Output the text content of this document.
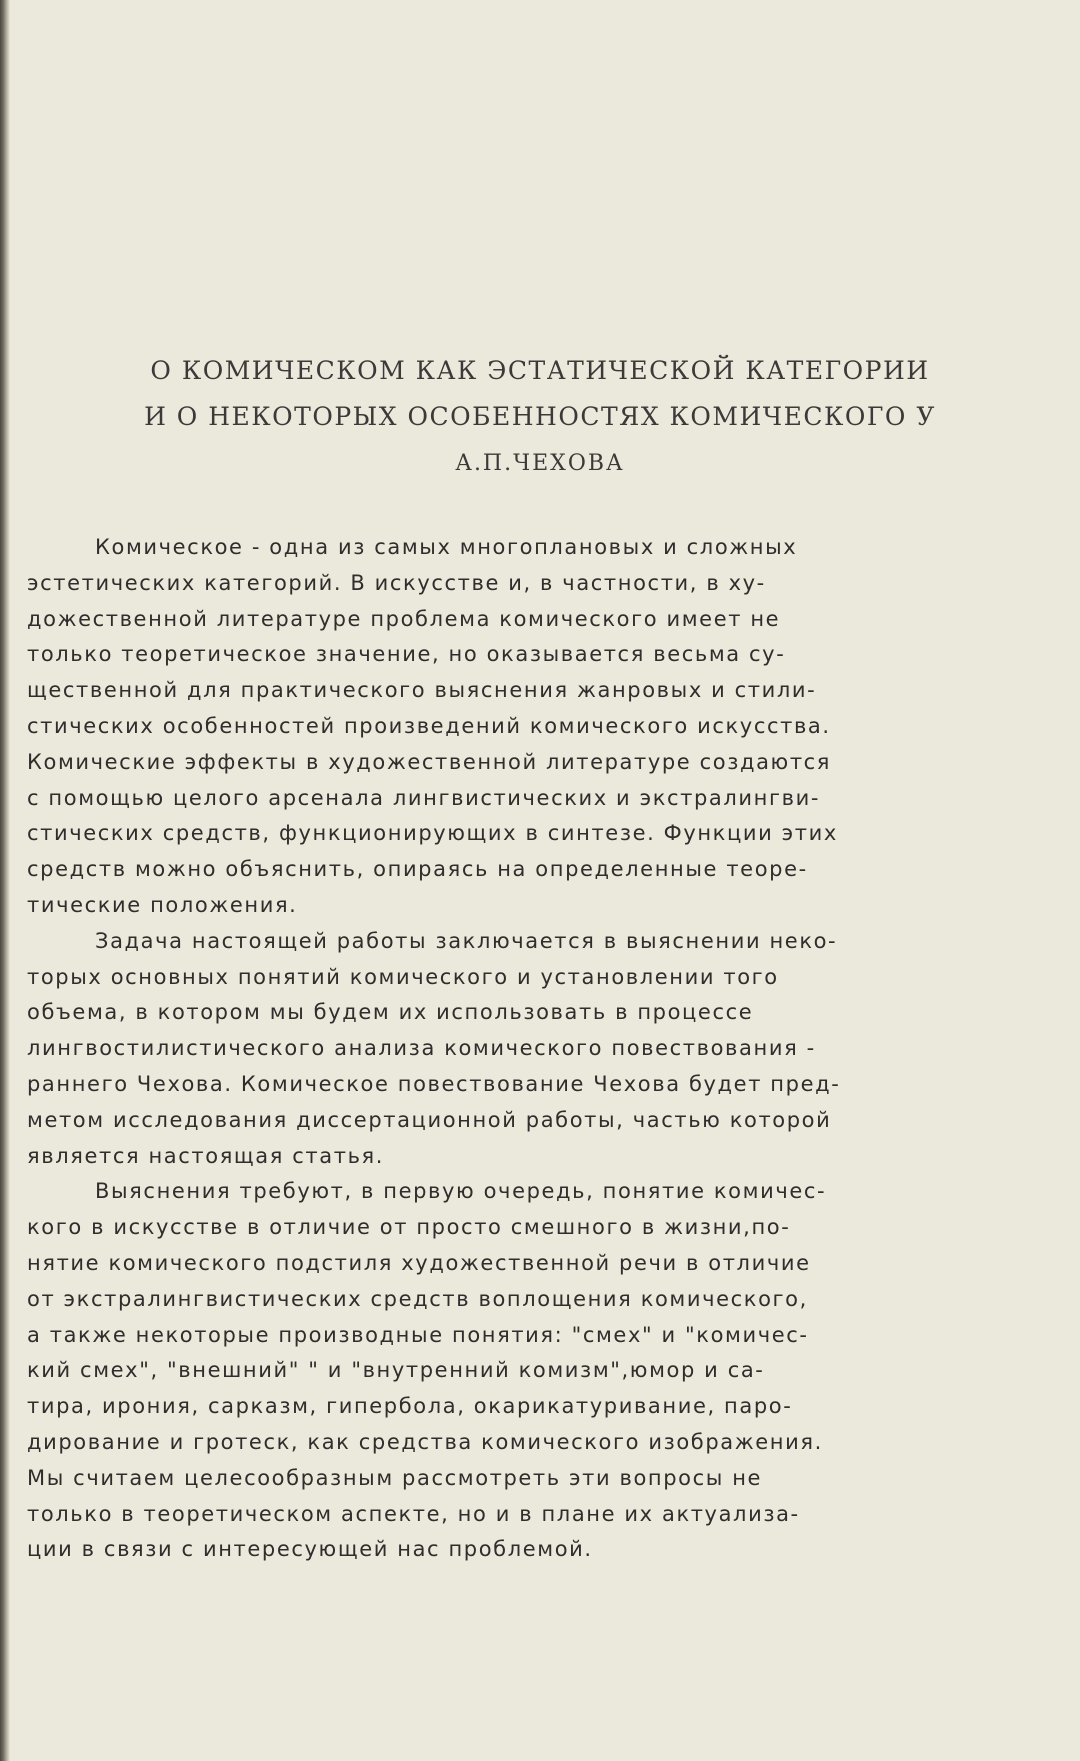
О КОМИЧЕСКОМ КАК ЭСТАТИЧЕСКОЙ КАТЕГОРИИ
И О НЕКОТОРЫХ ОСОБЕННОСТЯХ КОМИЧЕСКОГО У
А.П.ЧЕХОВА
Комическое - одна из самых многоплановых и сложных
эстетических категорий. В искусстве и, в частности, в ху-
дожественной литературе проблема комического имеет не
только теоретическое значение, но оказывается весьма су-
щественной для практического выяснения жанровых и стили-
стических особенностей произведений комического искусства.
Комические эффекты в художественной литературе создаются
с помощью целого арсенала лингвистических и экстралингви-
стических средств, функционирующих в синтезе. Функции этих
средств можно объяснить, опираясь на определенные теоре-
тические положения.
Задача настоящей работы заключается в выяснении неко-
торых основных понятий комического и установлении того
объема, в котором мы будем их использовать в процессе
лингвостилистического анализа комического повествования -
раннего Чехова. Комическое повествование Чехова будет пред-
метом исследования диссертационной работы, частью которой
является настоящая статья.
Выяснения требуют, в первую очередь, понятие комичес-
кого в искусстве в отличие от просто смешного в жизни,по-
нятие комического подстиля художественной речи в отличие
от экстралингвистических средств воплощения комического,
а также некоторые производные понятия: "смех" и "комичес-
кий смех", "внешний" " и "внутренний комизм",юмор и са-
тира, ирония, сарказм, гипербола, окарикатуривание, паро-
дирование и гротеск, как средства комического изображения.
Мы считаем целесообразным рассмотреть эти вопросы не
только в теоретическом аспекте, но и в плане их актуализа-
ции в связи с интересующей нас проблемой.
